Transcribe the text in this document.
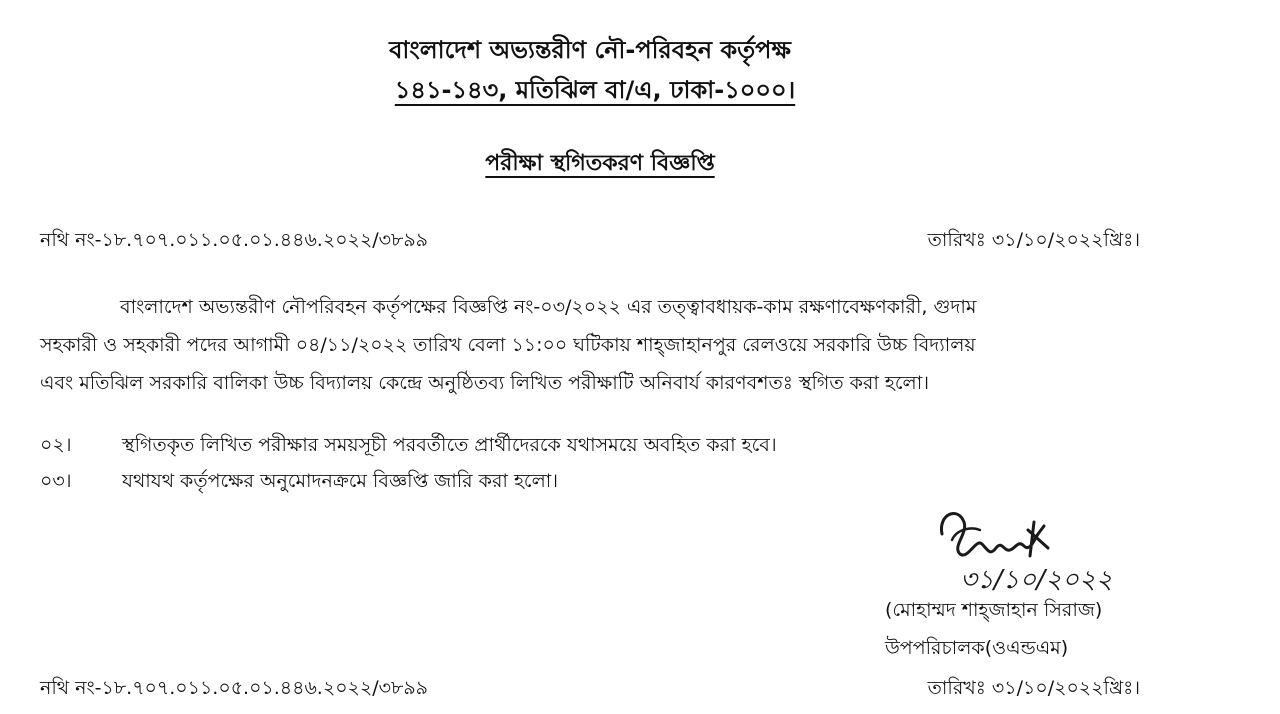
বাংলাদেশ অভ্যন্তরীণ নৌ-পরিবহন কর্তৃপক্ষ
১৪১-১৪৩, মতিঝিল বা/এ, ঢাকা-১০০০।
পরীক্ষা স্থগিতকরণ বিজ্ঞপ্তি
নথি নং-১৮.৭০৭.০১১.০৫.০১.৪৪৬.২০২২/৩৮৯৯	তারিখঃ ৩১/১০/২০২২খ্রিঃ।
বাংলাদেশ অভ্যন্তরীণ নৌপরিবহন কর্তৃপক্ষের বিজ্ঞপ্তি নং-০৩/২০২২ এর তত্ত্বাবধায়ক-কাম রক্ষণাবেক্ষণকারী, গুদাম
সহকারী ও সহকারী পদের আগামী ০৪/১১/২০২২ তারিখ বেলা ১১:০০ ঘটিকায় শাহ্জাহানপুর রেলওয়ে সরকারি উচ্চ বিদ্যালয়
এবং মতিঝিল সরকারি বালিকা উচ্চ বিদ্যালয় কেন্দ্রে অনুষ্ঠিতব্য লিখিত পরীক্ষাটি অনিবার্য কারণবশতঃ স্থগিত করা হলো।
০২।	স্থগিতকৃত লিখিত পরীক্ষার সময়সূচী পরবর্তীতে প্রার্থীদেরকে যথাসময়ে অবহিত করা হবে।
০৩।	যথাযথ কর্তৃপক্ষের অনুমোদনক্রমে বিজ্ঞপ্তি জারি করা হলো।
৩১/১০/২০২২
(মোহাম্মদ শাহ্জাহান সিরাজ)
উপপরিচালক(ওএন্ডএম)
নথি নং-১৮.৭০৭.০১১.০৫.০১.৪৪৬.২০২২/৩৮৯৯	তারিখঃ ৩১/১০/২০২২খ্রিঃ।
